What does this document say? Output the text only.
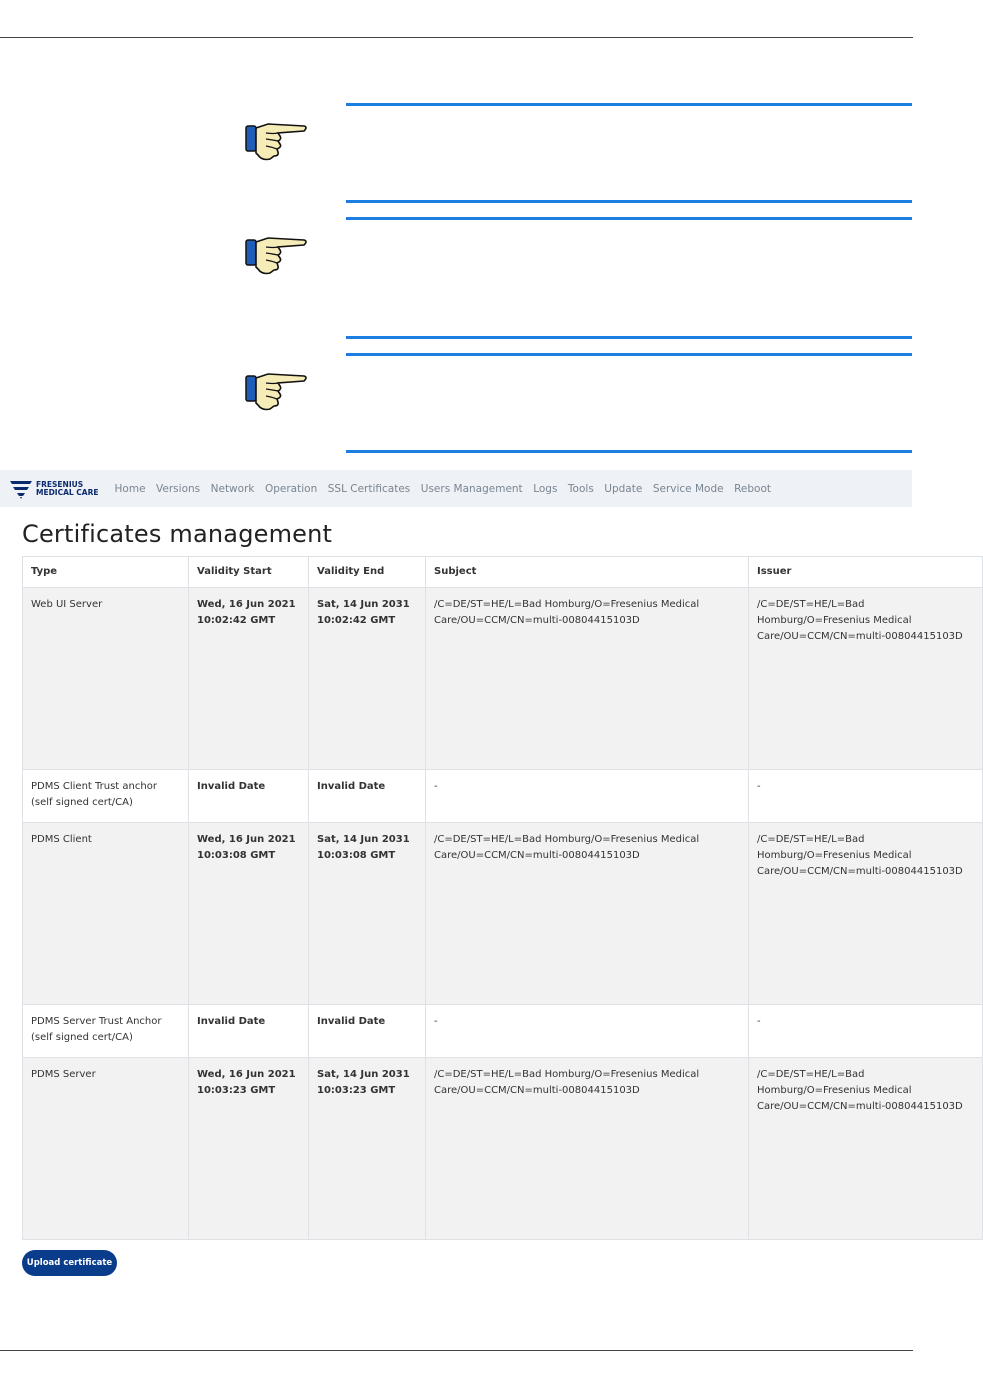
FRESENIUS
MEDICAL CARE Home Versions Network Operation SSL Certificates Users Management Logs Tools Update Service Mode Reboot
Certificates management
Type	Validity Start	Validity End	Subject	Issuer
Web UI Server	Wed, 16 Jun 2021 10:02:42 GMT	Sat, 14 Jun 2031 10:02:42 GMT	/C=DE/ST=HE/L=Bad Homburg/O=Fresenius Medical Care/OU=CCM/CN=multi-00804415103D	/C=DE/ST=HE/L=Bad Homburg/O=Fresenius Medical Care/OU=CCM/CN=multi-00804415103D
PDMS Client Trust anchor (self signed cert/CA)	Invalid Date	Invalid Date	-	-
PDMS Client	Wed, 16 Jun 2021 10:03:08 GMT	Sat, 14 Jun 2031 10:03:08 GMT	/C=DE/ST=HE/L=Bad Homburg/O=Fresenius Medical Care/OU=CCM/CN=multi-00804415103D	/C=DE/ST=HE/L=Bad Homburg/O=Fresenius Medical Care/OU=CCM/CN=multi-00804415103D
PDMS Server Trust Anchor (self signed cert/CA)	Invalid Date	Invalid Date	-	-
PDMS Server	Wed, 16 Jun 2021 10:03:23 GMT	Sat, 14 Jun 2031 10:03:23 GMT	/C=DE/ST=HE/L=Bad Homburg/O=Fresenius Medical Care/OU=CCM/CN=multi-00804415103D	/C=DE/ST=HE/L=Bad Homburg/O=Fresenius Medical Care/OU=CCM/CN=multi-00804415103D
Upload certificate
